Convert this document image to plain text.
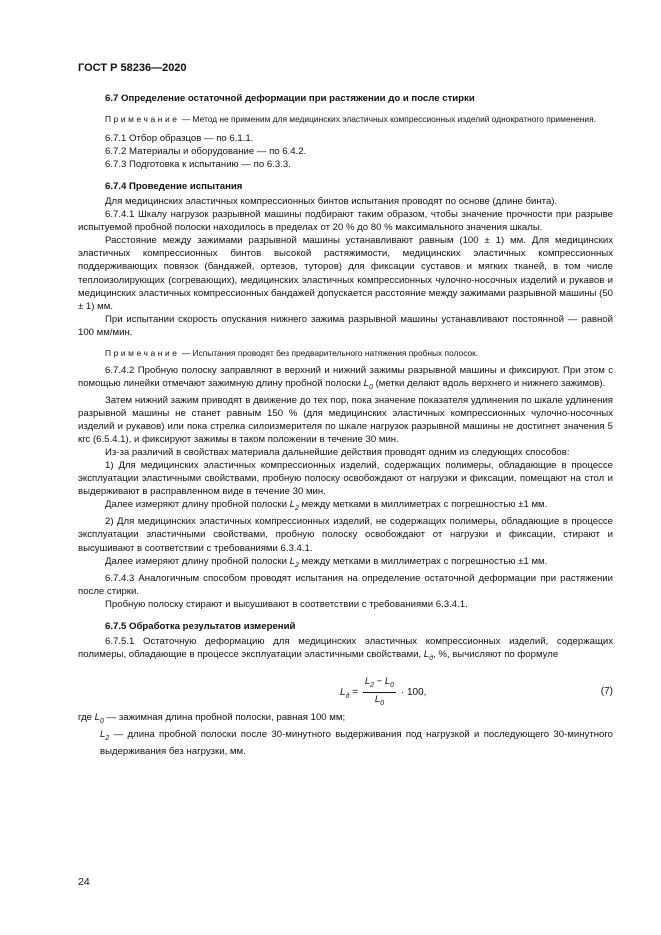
ГОСТ Р 58236—2020

6.7 Определение остаточной деформации при растяжении до и после стирки

Примечание — Метод не применим для медицинских эластичных компрессионных изделий однократного применения.

6.7.1 Отбор образцов — по 6.1.1.

6.7.2 Материалы и оборудование — по 6.4.2.

6.7.3 Подготовка к испытанию — по 6.3.3.

6.7.4 Проведение испытания

Для медицинских эластичных компрессионных бинтов испытания проводят по основе (длине бинта).

6.7.4.1 Шкалу нагрузок разрывной машины подбирают таким образом, чтобы значение прочности при разрыве испытуемой пробной полоски находилось в пределах от 20 % до 80 % максимального значения шкалы.

Расстояние между зажимами разрывной машины устанавливают равным (100 ± 1) мм. Для медицинских эластичных компрессионных бинтов высокой растяжимости, медицинских эластичных компрессионных поддерживающих повязок (бандажей, ортезов, туторов) для фиксации суставов и мягких тканей, в том числе теплоизолирующих (согревающих), медицинских эластичных компрессионных чулочно-носочных изделий и рукавов и медицинских эластичных компрессионных бандажей допускается расстояние между зажимами разрывной машины (50 ± 1) мм.

При испытании скорость опускания нижнего зажима разрывной машины устанавливают постоянной — равной 100 мм/мин.

Примечание — Испытания проводят без предварительного натяжения пробных полосок.

6.7.4.2 Пробную полоску заправляют в верхний и нижний зажимы разрывной машины и фиксируют. При этом с помощью линейки отмечают зажимную длину пробной полоски $L_0$ (метки делают вдоль верхнего и нижнего зажимов).

Затем нижний зажим приводят в движение до тех пор, пока значение показателя удлинения по шкале удлинения разрывной машины не станет равным 150 % (для медицинских эластичных компрессионных чулочно-носочных изделий и рукавов) или пока стрелка силоизмерителя по шкале нагрузок разрывной машины не достигнет значения 5 кгс (6.5.4.1), и фиксируют зажимы в таком положении в течение 30 мин.

Из-за различий в свойствах материала дальнейшие действия проводят одним из следующих способов:

1) Для медицинских эластичных компрессионных изделий, содержащих полимеры, обладающие в процессе эксплуатации эластичными свойствами, пробную полоску освобождают от нагрузки и фиксации, помещают на стол и выдерживают в расправленном виде в течение 30 мин.

Далее измеряют длину пробной полоски $L_2$ между метками в миллиметрах с погрешностью ±1 мм.

2) Для медицинских эластичных компрессионных изделий, не содержащих полимеры, обладающие в процессе эксплуатации эластичными свойствами, пробную полоску освобождают от нагрузки и фиксации, стирают и высушивают в соответствии с требованиями 6.3.4.1.

Далее измеряют длину пробной полоски $L_2$ между метками в миллиметрах с погрешностью ±1 мм.

6.7.4.3 Аналогичным способом проводят испытания на определение остаточной деформации при растяжении после стирки.

Пробную полоску стирают и высушивают в соответствии с требованиями 6.3.4.1.

6.7.5 Обработка результатов измерений

6.7.5.1 Остаточную деформацию для медицинских эластичных компрессионных изделий, содержащих полимеры, обладающие в процессе эксплуатации эластичными свойствами, $L_д$, %, вычисляют по формуле

$L_д = \frac{L_2 - L_0}{L_0} \cdot 100$,	(7)

где $L_0$ — зажимная длина пробной полоски, равная 100 мм;

$L_2$ — длина пробной полоски после 30-минутного выдерживания под нагрузкой и последующего 30-минутного выдерживания без нагрузки, мм.

24
